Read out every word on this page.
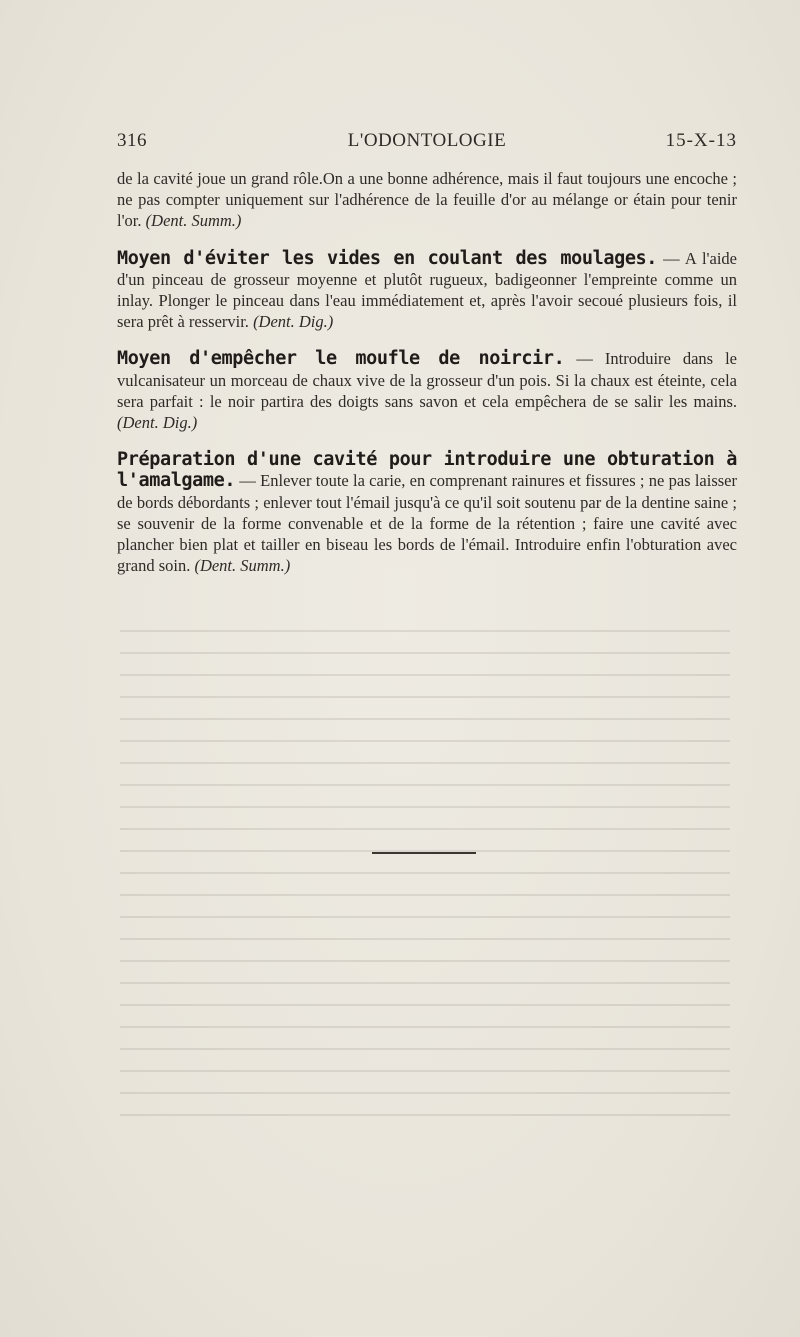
316	L'ODONTOLOGIE	15-X-13

de la cavité joue un grand rôle.On a une bonne adhérence, mais il faut toujours une encoche ; ne pas compter uniquement sur l'adhérence de la feuille d'or au mélange or étain pour tenir l'or. (Dent. Summ.)

Moyen d'éviter les vides en coulant des moulages. — A l'aide d'un pinceau de grosseur moyenne et plutôt rugueux, badigeonner l'empreinte comme un inlay. Plonger le pinceau dans l'eau immédiatement et, après l'avoir secoué plusieurs fois, il sera prêt à resservir. (Dent. Dig.)

Moyen d'empêcher le moufle de noircir. — Introduire dans le vulcanisateur un morceau de chaux vive de la grosseur d'un pois. Si la chaux est éteinte, cela sera parfait : le noir partira des doigts sans savon et cela empêchera de se salir les mains. (Dent. Dig.)

Préparation d'une cavité pour introduire une obturation à l'amalgame. — Enlever toute la carie, en comprenant rainures et fissures ; ne pas laisser de bords débordants ; enlever tout l'émail jusqu'à ce qu'il soit soutenu par de la dentine saine ; se souvenir de la forme convenable et de la forme de la rétention ; faire une cavité avec plancher bien plat et tailler en biseau les bords de l'émail. Introduire enfin l'obturation avec grand soin. (Dent. Summ.)
